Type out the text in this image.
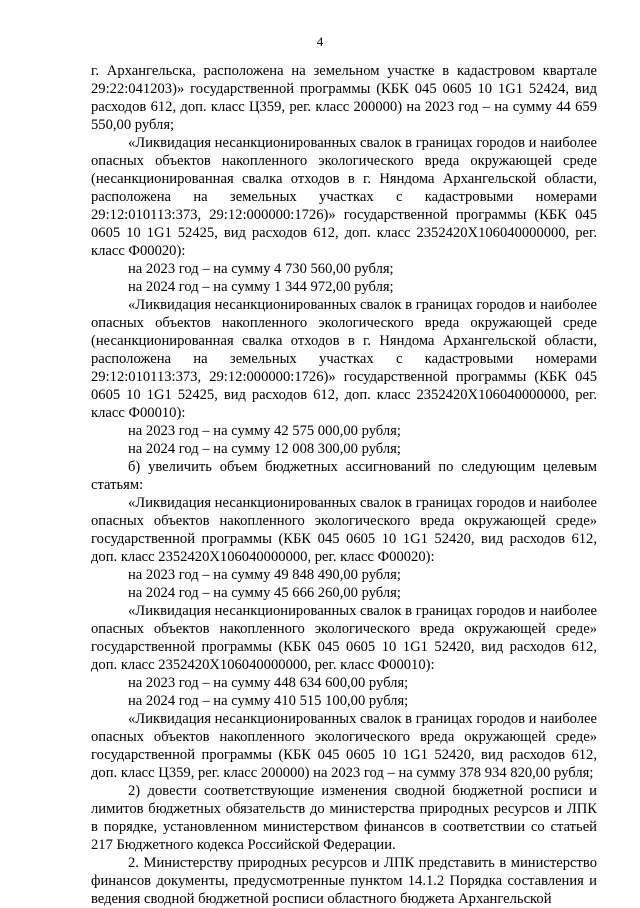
4

г. Архангельска, расположена на земельном участке в кадастровом квартале 29:22:041203)» государственной программы (КБК 045 0605 10 1G1 52424, вид расходов 612, доп. класс Ц359, рег. класс 200000) на 2023 год – на сумму 44 659 550,00 рубля;

«Ликвидация несанкционированных свалок в границах городов и наиболее опасных объектов накопленного экологического вреда окружающей среде (несанкционированная свалка отходов в г. Няндома Архангельской области, расположена на земельных участках с кадастровыми номерами 29:12:010113:373, 29:12:000000:1726)» государственной программы (КБК 045 0605 10 1G1 52425, вид расходов 612, доп. класс 2352420Х106040000000, рег. класс Ф00020):

на 2023 год – на сумму 4 730 560,00 рубля;

на 2024 год – на сумму 1 344 972,00 рубля;

«Ликвидация несанкционированных свалок в границах городов и наиболее опасных объектов накопленного экологического вреда окружающей среде (несанкционированная свалка отходов в г. Няндома Архангельской области, расположена на земельных участках с кадастровыми номерами 29:12:010113:373, 29:12:000000:1726)» государственной программы (КБК 045 0605 10 1G1 52425, вид расходов 612, доп. класс 2352420Х106040000000, рег. класс Ф00010):

на 2023 год – на сумму 42 575 000,00 рубля;

на 2024 год – на сумму 12 008 300,00 рубля;

б) увеличить объем бюджетных ассигнований по следующим целевым статьям:

«Ликвидация несанкционированных свалок в границах городов и наиболее опасных объектов накопленного экологического вреда окружающей среде» государственной программы (КБК 045 0605 10 1G1 52420, вид расходов 612, доп. класс 2352420Х106040000000, рег. класс Ф00020):

на 2023 год – на сумму 49 848 490,00 рубля;

на 2024 год – на сумму 45 666 260,00 рубля;

«Ликвидация несанкционированных свалок в границах городов и наиболее опасных объектов накопленного экологического вреда окружающей среде» государственной программы (КБК 045 0605 10 1G1 52420, вид расходов 612, доп. класс 2352420Х106040000000, рег. класс Ф00010):

на 2023 год – на сумму 448 634 600,00 рубля;

на 2024 год – на сумму 410 515 100,00 рубля;

«Ликвидация несанкционированных свалок в границах городов и наиболее опасных объектов накопленного экологического вреда окружающей среде» государственной программы (КБК 045 0605 10 1G1 52420, вид расходов 612, доп. класс Ц359, рег. класс 200000) на 2023 год – на сумму 378 934 820,00 рубля;

2) довести соответствующие изменения сводной бюджетной росписи и лимитов бюджетных обязательств до министерства природных ресурсов и ЛПК в порядке, установленном министерством финансов в соответствии со статьей 217 Бюджетного кодекса Российской Федерации.

2. Министерству природных ресурсов и ЛПК представить в министерство финансов документы, предусмотренные пунктом 14.1.2 Порядка составления и ведения сводной бюджетной росписи областного бюджета Архангельской
